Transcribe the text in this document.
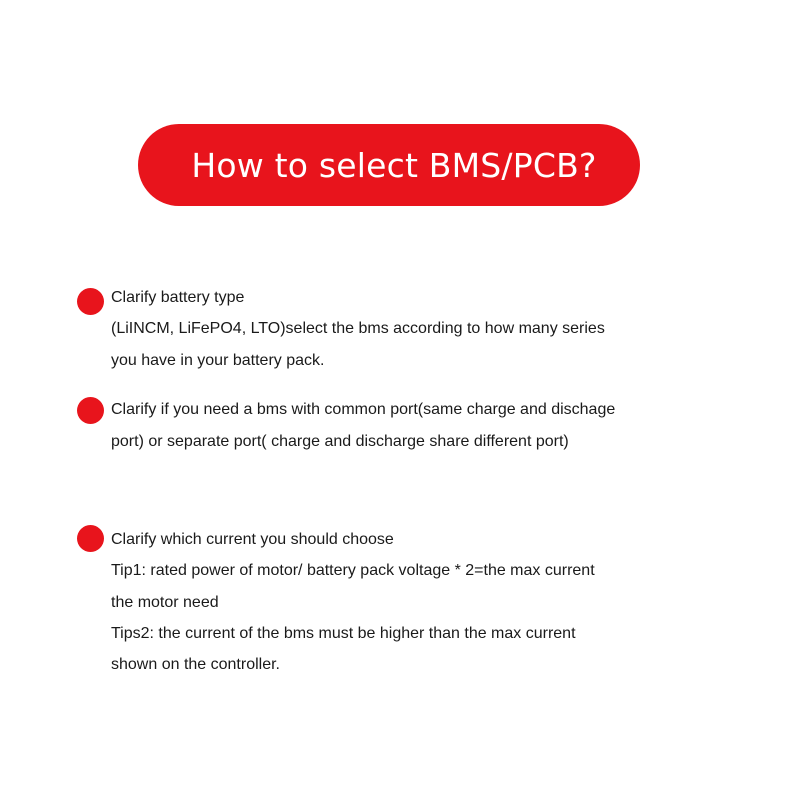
How to select BMS/PCB?
Clarify battery type
(LiINCM, LiFePO4, LTO)select the bms according to how many series
you have in your battery pack.
Clarify if you need a bms with common port(same charge and dischage
port) or separate port( charge and discharge share different port)
Clarify which current you should choose
Tip1: rated power of motor/ battery pack voltage * 2=the max current
the motor need
Tips2: the current of the bms must be higher than the max current
shown on the controller.
